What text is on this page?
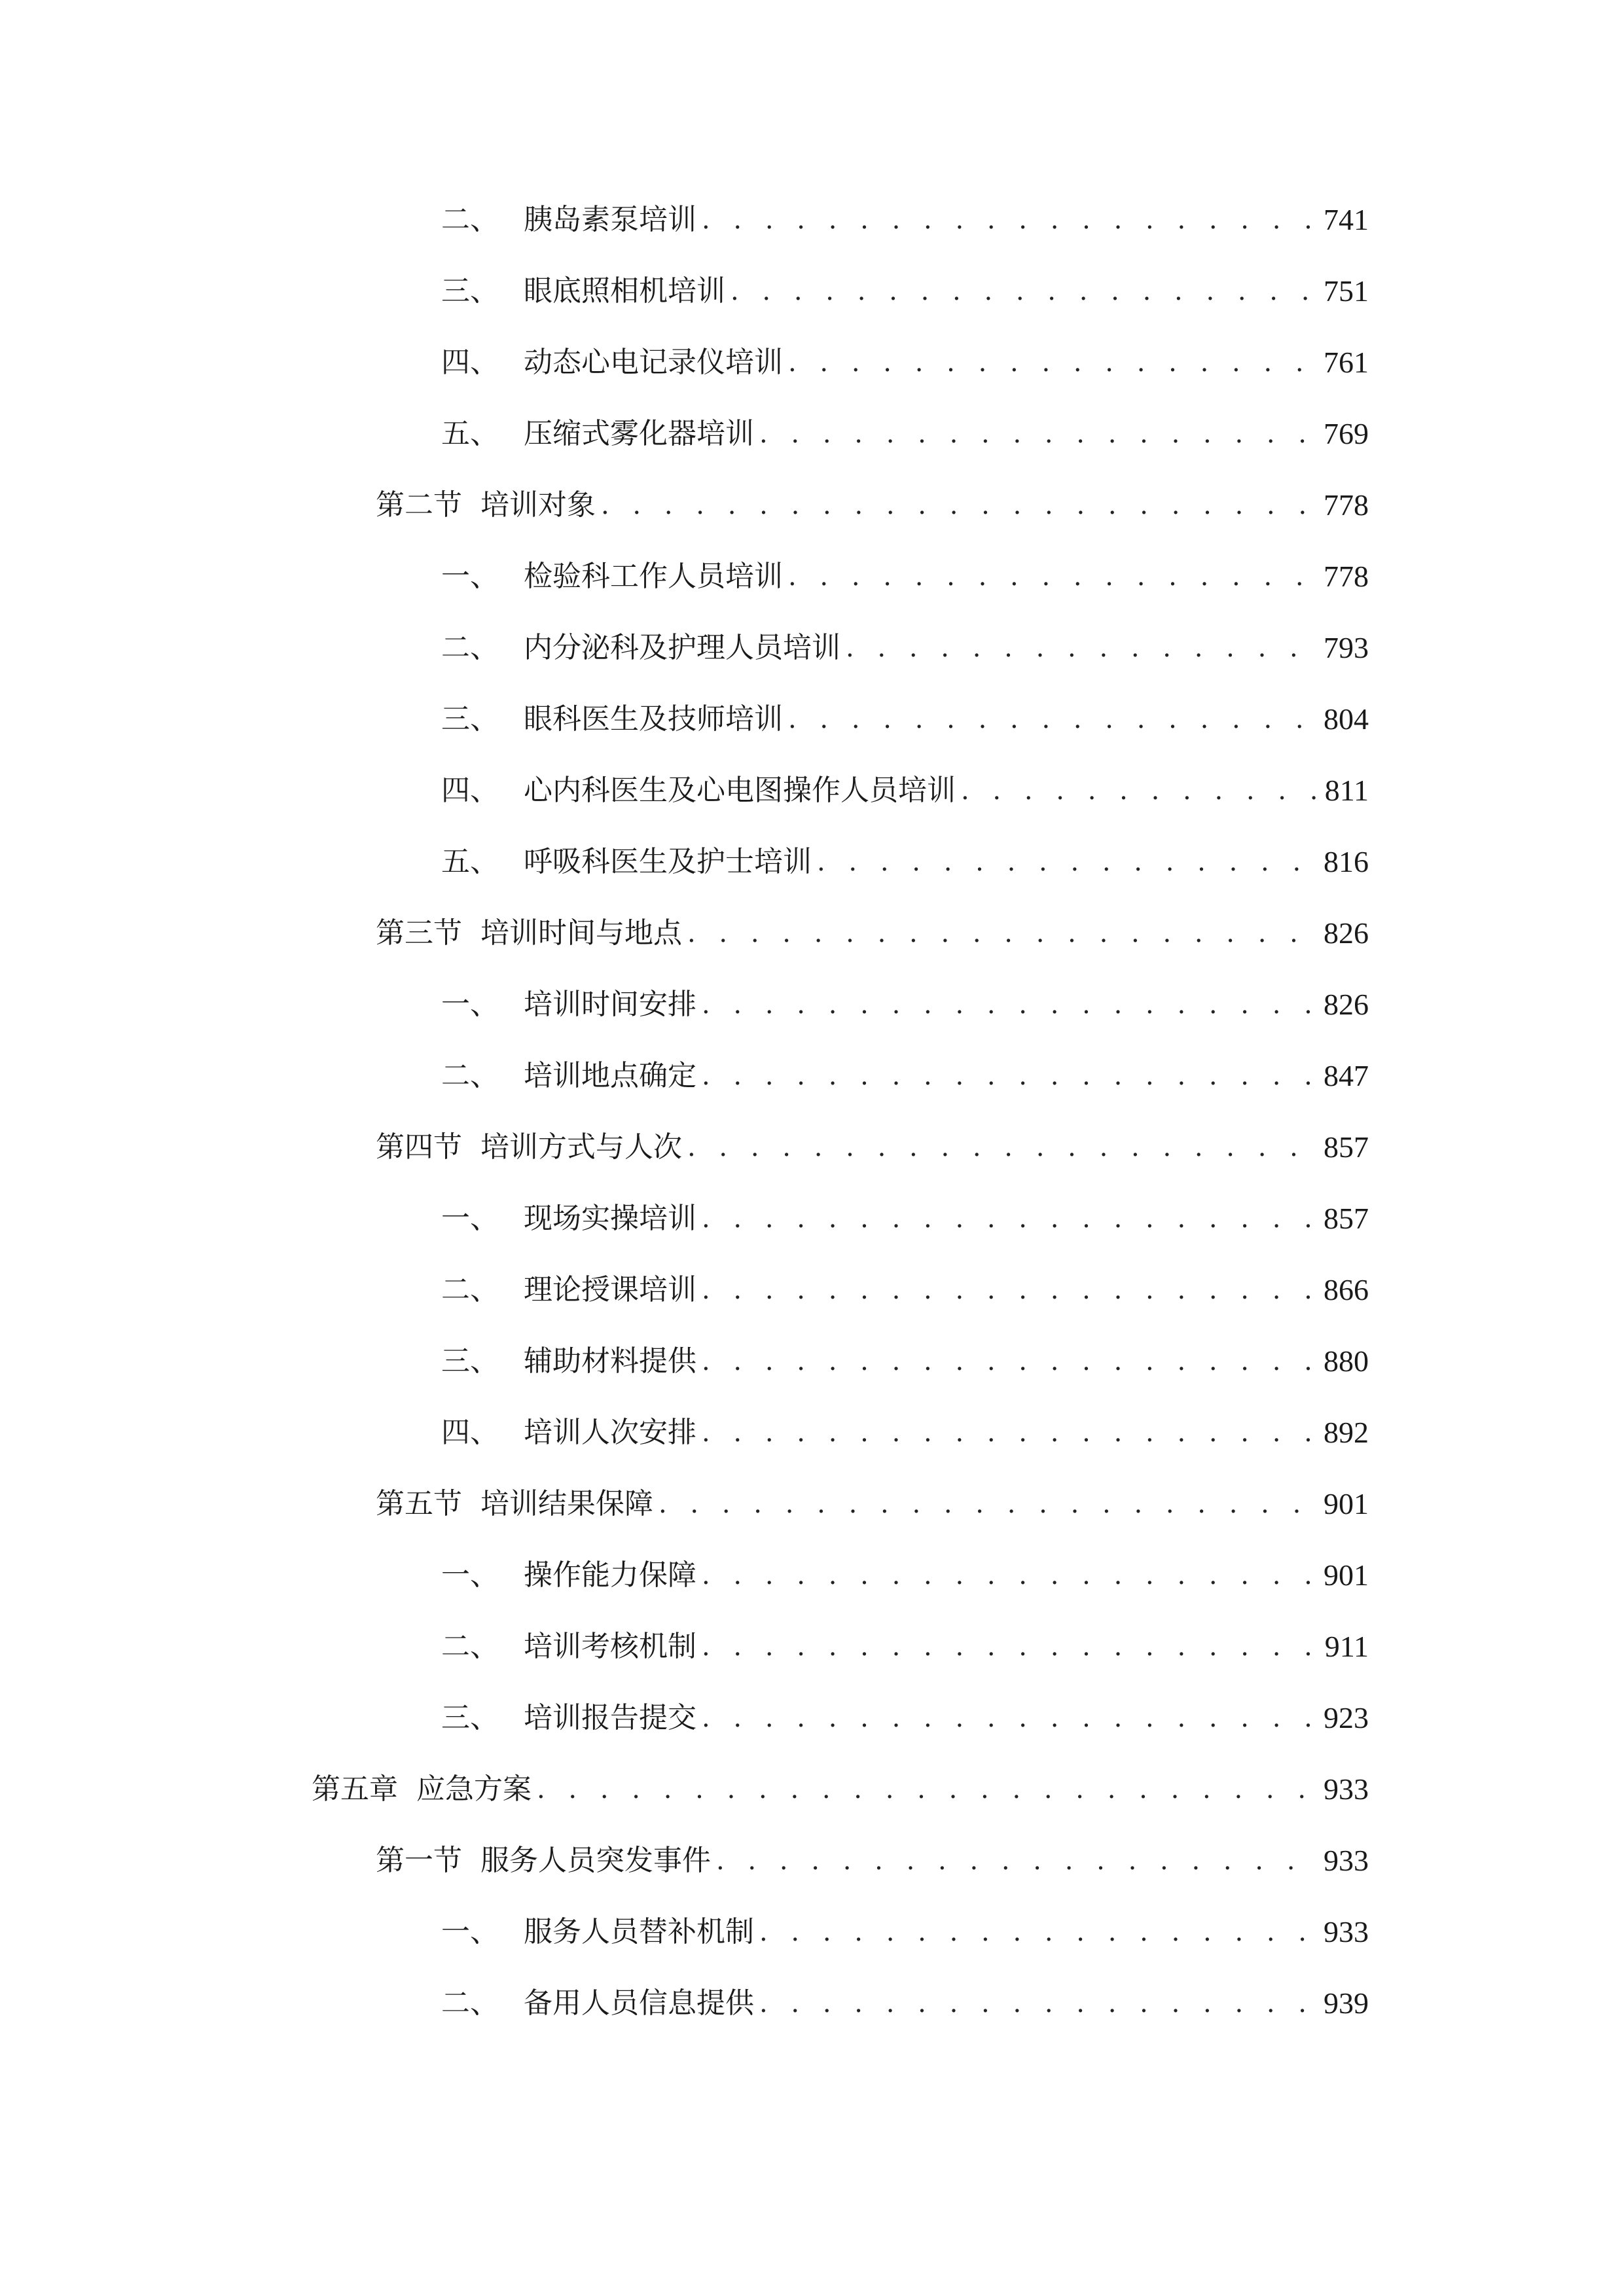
二、 胰岛素泵培训 . . .	741
三、 眼底照相机培训 . . .	751
四、 动态心电记录仪培训 . . .	761
五、 压缩式雾化器培训 . . .	769
第二节 培训对象 . . .	778
一、 检验科工作人员培训 . . .	778
二、 内分泌科及护理人员培训 . . .	793
三、 眼科医生及技师培训 . . .	804
四、 心内科医生及心电图操作人员培训 . . .	811
五、 呼吸科医生及护士培训 . . .	816
第三节 培训时间与地点 . . .	826
一、 培训时间安排 . . .	826
二、 培训地点确定 . . .	847
第四节 培训方式与人次 . . .	857
一、 现场实操培训 . . .	857
二、 理论授课培训 . . .	866
三、 辅助材料提供 . . .	880
四、 培训人次安排 . . .	892
第五节 培训结果保障 . . .	901
一、 操作能力保障 . . .	901
二、 培训考核机制 . . .	911
三、 培训报告提交 . . .	923
第五章 应急方案 . . .	933
第一节 服务人员突发事件 . . .	933
一、 服务人员替补机制 . . .	933
二、 备用人员信息提供 . . .	939
